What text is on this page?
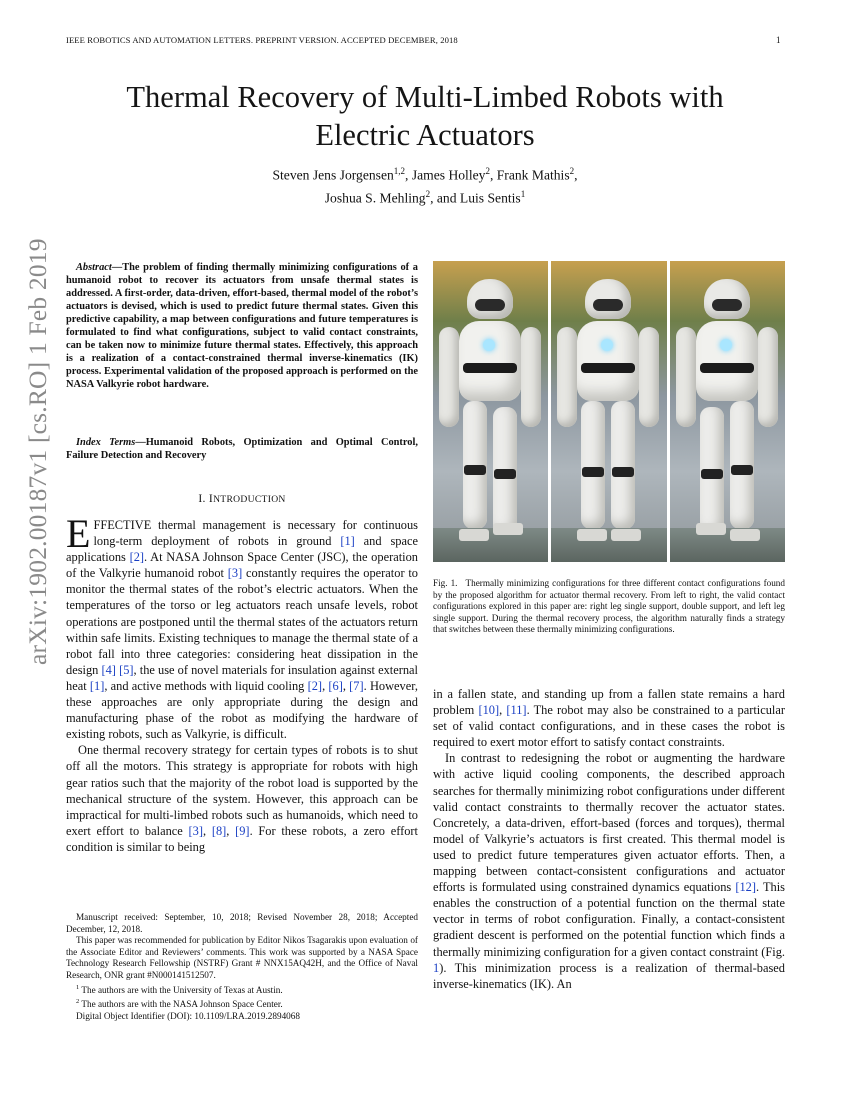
IEEE ROBOTICS AND AUTOMATION LETTERS. PREPRINT VERSION. ACCEPTED DECEMBER, 2018	1
Thermal Recovery of Multi-Limbed Robots with
Electric Actuators
Steven Jens Jorgensen$^{1,2}$, James Holley$^2$, Frank Mathis$^2$,
Joshua S. Mehling$^2$, and Luis Sentis$^1$
arXiv:1902.00187v1 [cs.RO] 1 Feb 2019	Abstract—The problem of finding thermally minimizing configurations of a humanoid robot to recover its actuators from unsafe thermal states is addressed. A first-order, data-driven, effort-based, thermal model of the robot’s actuators is devised, which is used to predict future thermal states. Given this predictive capability, a map between configurations and future temperatures is formulated to find what configurations, subject to valid contact constraints, can be taken now to minimize future thermal states. Effectively, this approach is a realization of a contact-constrained thermal inverse-kinematics (IK) process. Experimental validation of the proposed approach is performed on the NASA Valkyrie robot hardware.
Index Terms—Humanoid Robots, Optimization and Optimal Control, Failure Detection and Recovery
I. INTRODUCTION

EFFECTIVE thermal management is necessary for continuous long-term deployment of robots in ground [1] and space applications [2]. At NASA Johnson Space Center (JSC), the operation of the Valkyrie humanoid robot [3] constantly requires the operator to monitor the thermal states of the robot’s electric actuators. When the temperatures of the torso or leg actuators reach unsafe levels, robot operations are postponed until the thermal states of the actuators return within safe limits. Existing techniques to manage the thermal state of a robot fall into three categories: considering heat dissipation in the design [4] [5], the use of novel materials for insulation against external heat [1], and active methods with liquid cooling [2], [6], [7]. However, these approaches are only appropriate during the design and manufacturing phase of the robot as modifying the hardware of existing robots, such as Valkyrie, is difficult.

One thermal recovery strategy for certain types of robots is to shut off all the motors. This strategy is appropriate for robots with high gear ratios such that the majority of the robot load is supported by the mechanical structure of the system. However, this approach can be impractical for multi-limbed robots such as humanoids, which need to exert effort to balance [3], [8], [9]. For these robots, a zero effort condition is similar to being

Manuscript received: September, 10, 2018; Revised November 28, 2018; Accepted December, 12, 2018.

This paper was recommended for publication by Editor Nikos Tsagarakis upon evaluation of the Associate Editor and Reviewers’ comments. This work was supported by a NASA Space Technology Research Fellowship (NSTRF) Grant # NNX15AQ42H, and the Office of Naval Research, ONR grant #N000141512507.

$^1$ The authors are with the University of Texas at Austin.

$^2$ The authors are with the NASA Johnson Space Center.

Digital Object Identifier (DOI): 10.1109/LRA.2019.2894068

Fig. 1. Thermally minimizing configurations for three different contact configurations found by the proposed algorithm for actuator thermal recovery. From left to right, the valid contact configurations explored in this paper are: right leg single support, double support, and left leg single support. During the thermal recovery process, the algorithm naturally finds a strategy that switches between these thermally minimizing configurations.

in a fallen state, and standing up from a fallen state remains a hard problem [10], [11]. The robot may also be constrained to a particular set of valid contact configurations, and in these cases the robot is required to exert motor effort to satisfy contact constraints.

In contrast to redesigning the robot or augmenting the hardware with active liquid cooling components, the described approach searches for thermally minimizing robot configurations under different valid contact constraints to thermally recover the actuator states. Concretely, a data-driven, effort-based (forces and torques), thermal model of Valkyrie’s actuators is first created. This thermal model is used to predict future temperatures given actuator efforts. Then, a mapping between contact-consistent configurations and actuator efforts is formulated using constrained dynamics equations [12]. This enables the construction of a potential function on the thermal state vector in terms of robot configuration. Finally, a contact-consistent gradient descent is performed on the potential function which finds a thermally minimizing configuration for a given contact constraint (Fig. 1). This minimization process is a realization of thermal-based inverse-kinematics (IK). An
